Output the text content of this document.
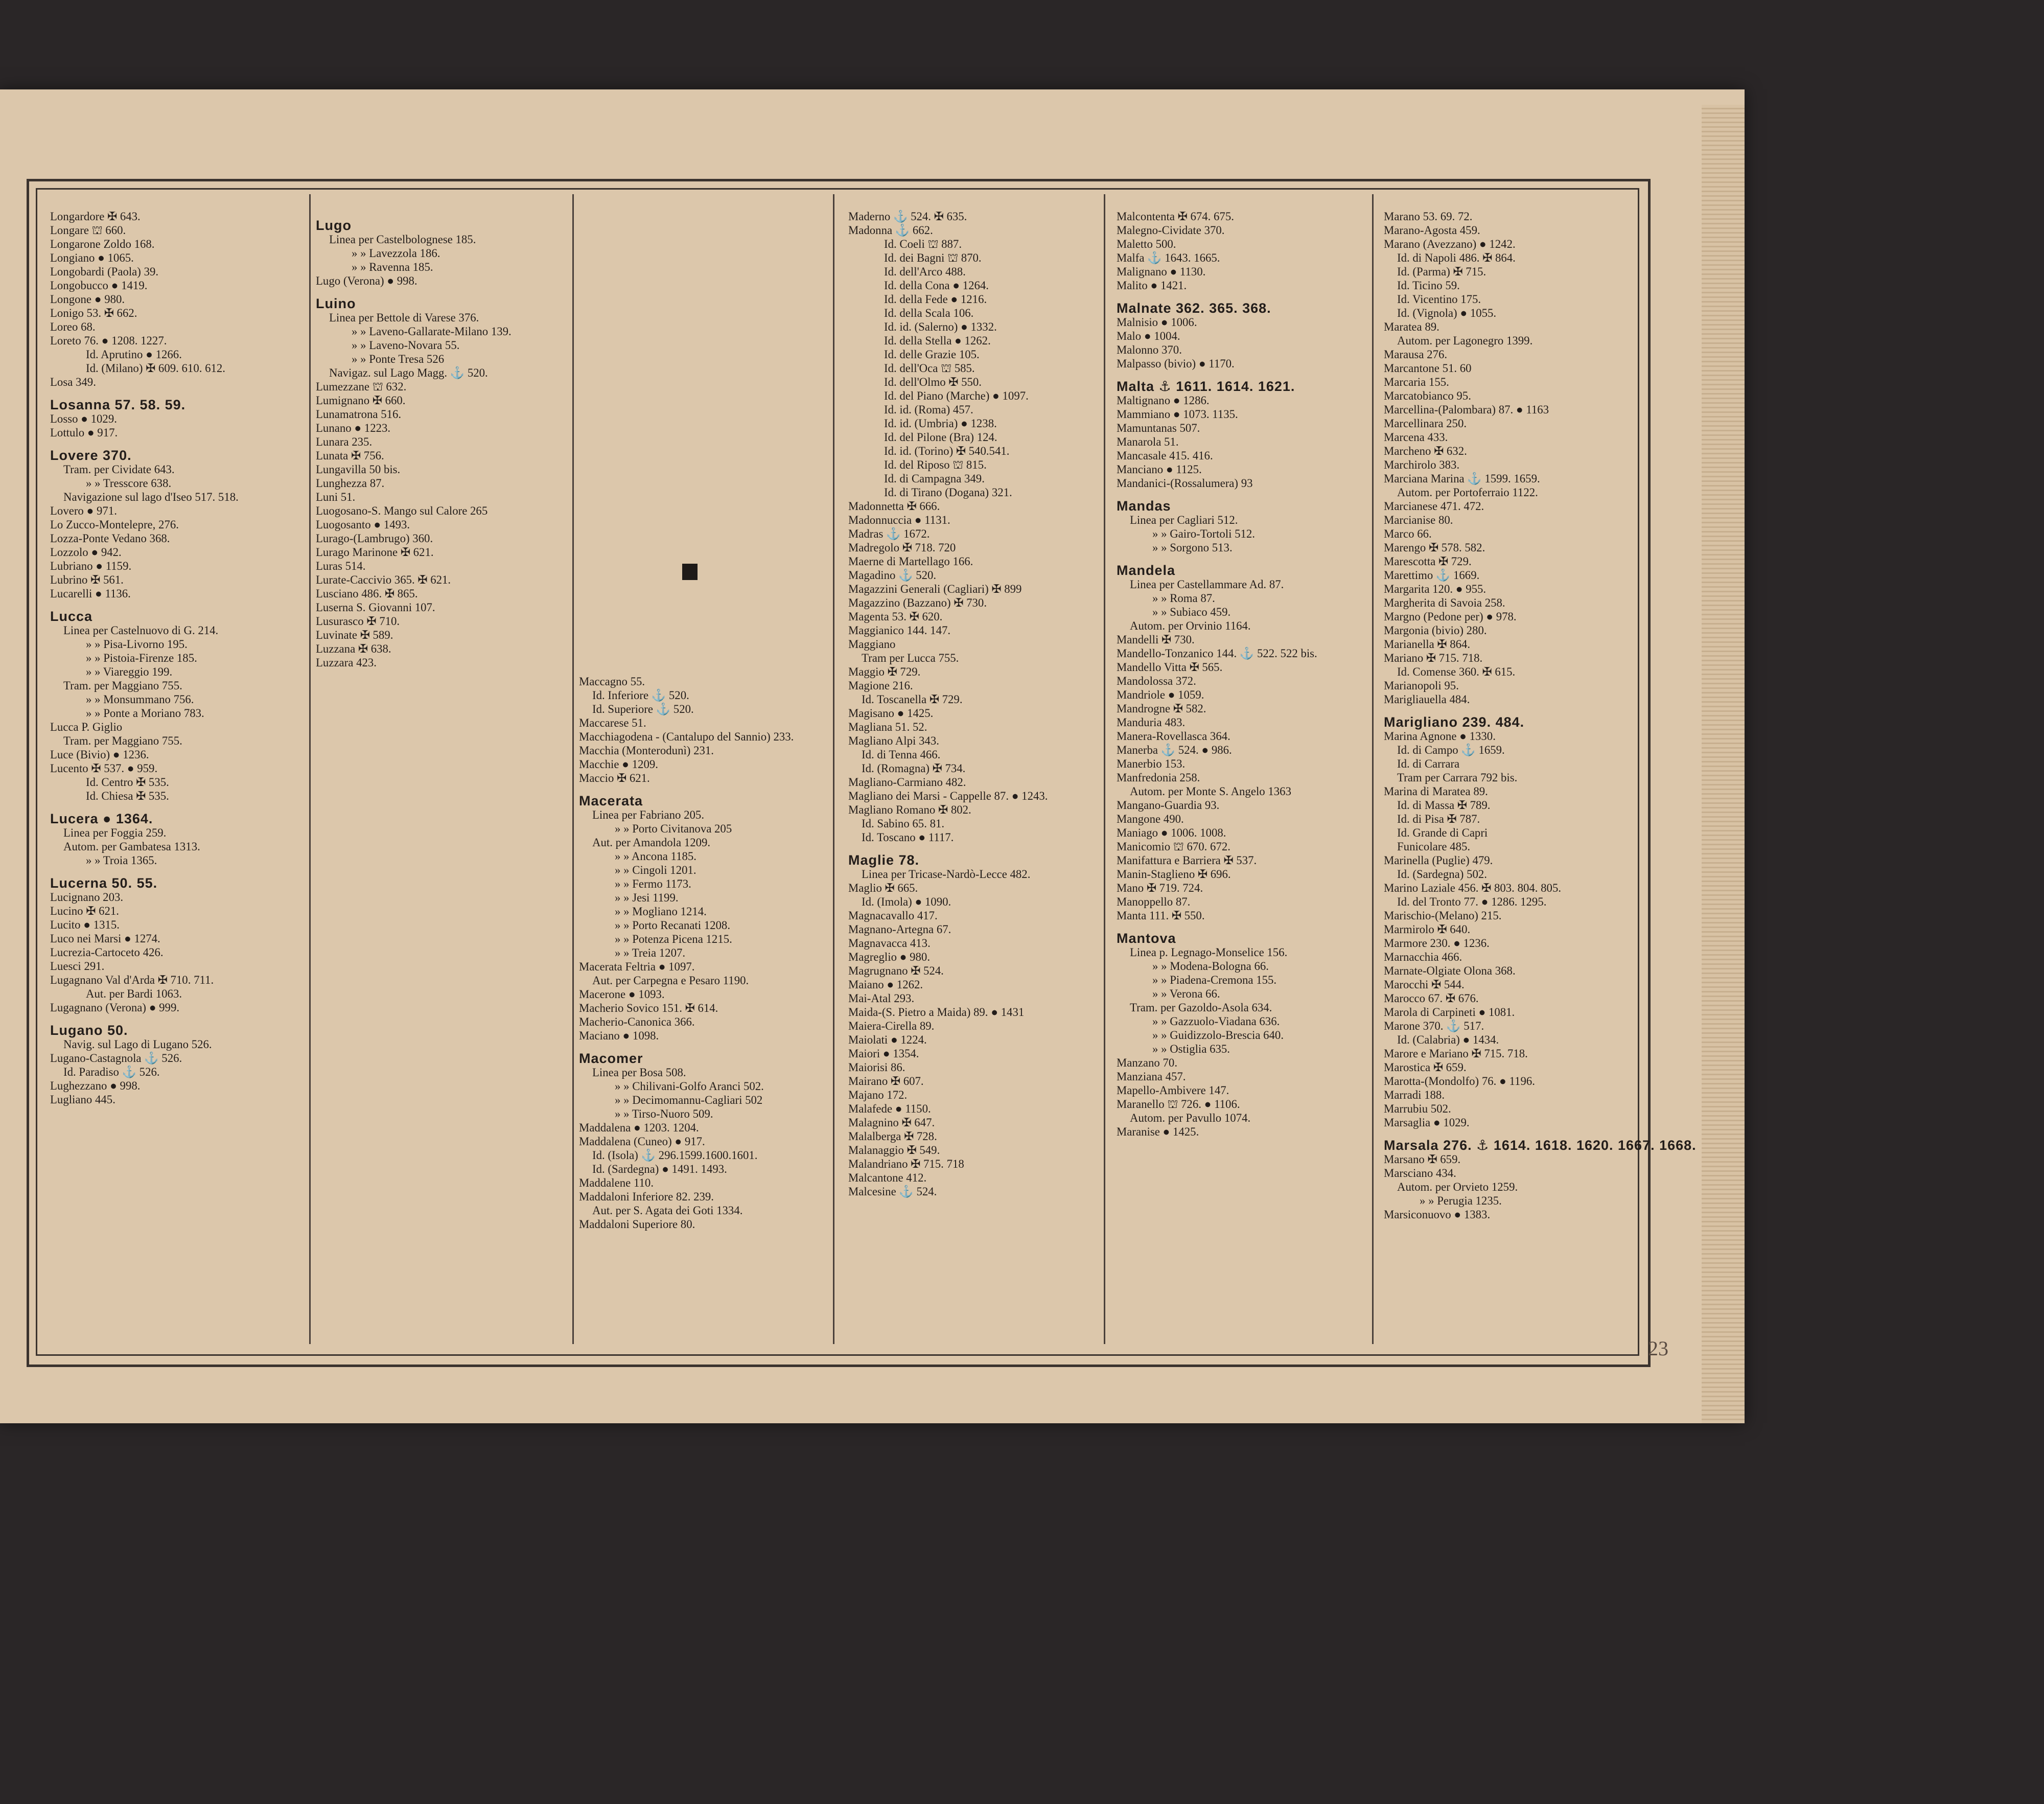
Longardore ✠ 643.
Longare ⛫ 660.
Longarone Zoldo 168.
Longiano ● 1065.
Longobardi (Paola) 39.
Longobucco ● 1419.
Longone ● 980.
Lonigo 53. ✠ 662.
Loreo 68.
Loreto 76. ● 1208. 1227.
Id. Aprutino ● 1266.
Id. (Milano) ✠ 609. 610. 612.
Losa 349.
Losanna 57. 58. 59.
Losso ● 1029.
Lottulo ● 917.
Lovere 370.
Tram. per Cividate 643.
» » Tresscore 638.
Navigazione sul lago d'Iseo 517. 518.
Lovero ● 971.
Lo Zucco-Montelepre, 276.
Lozza-Ponte Vedano 368.
Lozzolo ● 942.
Lubriano ● 1159.
Lubrino ✠ 561.
Lucarelli ● 1136.
Lucca
Linea per Castelnuovo di G. 214.
» » Pisa-Livorno 195.
» » Pistoia-Firenze 185.
» » Viareggio 199.
Tram. per Maggiano 755.
» » Monsummano 756.
» » Ponte a Moriano 783.
Lucca P. Giglio
Tram. per Maggiano 755.
Luce (Bivio) ● 1236.
Lucento ✠ 537. ● 959.
Id. Centro ✠ 535.
Id. Chiesa ✠ 535.
Lucera ● 1364.
Linea per Foggia 259.
Autom. per Gambatesa 1313.
» » Troia 1365.
Lucerna 50. 55.
Lucignano 203.
Lucino ✠ 621.
Lucito ● 1315.
Luco nei Marsi ● 1274.
Lucrezia-Cartoceto 426.
Luesci 291.
Lugagnano Val d'Arda ✠ 710. 711.
Aut. per Bardi 1063.
Lugagnano (Verona) ● 999.
Lugano 50.
Navig. sul Lago di Lugano 526.
Lugano-Castagnola ⚓ 526.
Id. Paradiso ⚓ 526.
Lughezzano ● 998.
Lugliano 445.
Lugo
Linea per Castelbolognese 185.
» » Lavezzola 186.
» » Ravenna 185.
Lugo (Verona) ● 998.
Luino
Linea per Bettole di Varese 376.
» » Laveno-Gallarate-Milano 139.
» » Laveno-Novara 55.
» » Ponte Tresa 526
Navigaz. sul Lago Magg. ⚓ 520.
Lumezzane ⛫ 632.
Lumignano ✠ 660.
Lunamatrona 516.
Lunano ● 1223.
Lunara 235.
Lunata ✠ 756.
Lungavilla 50 bis.
Lunghezza 87.
Luni 51.
Luogosano-S. Mango sul Calore 265
Luogosanto ● 1493.
Lurago-(Lambrugo) 360.
Lurago Marinone ✠ 621.
Luras 514.
Lurate-Caccivio 365. ✠ 621.
Lusciano 486. ✠ 865.
Luserna S. Giovanni 107.
Lusurasco ✠ 710.
Luvinate ✠ 589.
Luzzana ✠ 638.
Luzzara 423.
Maccagno 55.
Id. Inferiore ⚓ 520.
Id. Superiore ⚓ 520.
Maccarese 51.
Macchiagodena - (Cantalupo del Sannio) 233.
Macchia (Monterodunì) 231.
Macchie ● 1209.
Maccio ✠ 621.
Macerata
Linea per Fabriano 205.
» » Porto Civitanova 205
Aut. per Amandola 1209.
» » Ancona 1185.
» » Cingoli 1201.
» » Fermo 1173.
» » Jesi 1199.
» » Mogliano 1214.
» » Porto Recanati 1208.
» » Potenza Picena 1215.
» » Treia 1207.
Macerata Feltria ● 1097.
Aut. per Carpegna e Pesaro 1190.
Macerone ● 1093.
Macherio Sovico 151. ✠ 614.
Macherio-Canonica 366.
Maciano ● 1098.
Macomer
Linea per Bosa 508.
» » Chilivani-Golfo Aranci 502.
» » Decimomannu-Cagliari 502
» » Tirso-Nuoro 509.
Maddalena ● 1203. 1204.
Maddalena (Cuneo) ● 917.
Id. (Isola) ⚓ 296.1599.1600.1601.
Id. (Sardegna) ● 1491. 1493.
Maddalene 110.
Maddaloni Inferiore 82. 239.
Aut. per S. Agata dei Goti 1334.
Maddaloni Superiore 80.
Maderno ⚓ 524. ✠ 635.
Madonna ⚓ 662.
Id. Coeli ⛫ 887.
Id. dei Bagni ⛫ 870.
Id. dell'Arco 488.
Id. della Cona ● 1264.
Id. della Fede ● 1216.
Id. della Scala 106.
Id. id. (Salerno) ● 1332.
Id. della Stella ● 1262.
Id. delle Grazie 105.
Id. dell'Oca ⛫ 585.
Id. dell'Olmo ✠ 550.
Id. del Piano (Marche) ● 1097.
Id. id. (Roma) 457.
Id. id. (Umbria) ● 1238.
Id. del Pilone (Bra) 124.
Id. id. (Torino) ✠ 540.541.
Id. del Riposo ⛫ 815.
Id. di Campagna 349.
Id. di Tirano (Dogana) 321.
Madonnetta ✠ 666.
Madonnuccia ● 1131.
Madras ⚓ 1672.
Madregolo ✠ 718. 720
Maerne di Martellago 166.
Magadino ⚓ 520.
Magazzini Generali (Cagliari) ✠ 899
Magazzino (Bazzano) ✠ 730.
Magenta 53. ✠ 620.
Maggianico 144. 147.
Maggiano
Tram per Lucca 755.
Maggio ✠ 729.
Magione 216.
Id. Toscanella ✠ 729.
Magisano ● 1425.
Magliana 51. 52.
Magliano Alpi 343.
Id. di Tenna 466.
Id. (Romagna) ✠ 734.
Magliano-Carmiano 482.
Magliano dei Marsi - Cappelle 87. ● 1243.
Magliano Romano ✠ 802.
Id. Sabino 65. 81.
Id. Toscano ● 1117.
Maglie 78.
Linea per Tricase-Nardò-Lecce 482.
Maglio ✠ 665.
Id. (Imola) ● 1090.
Magnacavallo 417.
Magnano-Artegna 67.
Magnavacca 413.
Magreglio ● 980.
Magrugnano ✠ 524.
Maiano ● 1262.
Mai-Atal 293.
Maida-(S. Pietro a Maida) 89. ● 1431
Maiera-Cirella 89.
Maiolati ● 1224.
Maiori ● 1354.
Maiorisi 86.
Mairano ✠ 607.
Majano 172.
Malafede ● 1150.
Malagnino ✠ 647.
Malalberga ✠ 728.
Malanaggio ✠ 549.
Malandriano ✠ 715. 718
Malcantone 412.
Malcesine ⚓ 524.
Malcontenta ✠ 674. 675.
Malegno-Cividate 370.
Maletto 500.
Malfa ⚓ 1643. 1665.
Malignano ● 1130.
Malito ● 1421.
Malnate 362. 365. 368.
Malnisio ● 1006.
Malo ● 1004.
Malonno 370.
Malpasso (bivio) ● 1170.
Malta ⚓ 1611. 1614. 1621.
Maltignano ● 1286.
Mammiano ● 1073. 1135.
Mamuntanas 507.
Manarola 51.
Mancasale 415. 416.
Manciano ● 1125.
Mandanici-(Rossalumera) 93
Mandas
Linea per Cagliari 512.
» » Gairo-Tortoli 512.
» » Sorgono 513.
Mandela
Linea per Castellammare Ad. 87.
» » Roma 87.
» » Subiaco 459.
Autom. per Orvinio 1164.
Mandelli ✠ 730.
Mandello-Tonzanico 144. ⚓ 522. 522 bis.
Mandello Vitta ✠ 565.
Mandolossa 372.
Mandriole ● 1059.
Mandrogne ✠ 582.
Manduria 483.
Manera-Rovellasca 364.
Manerba ⚓ 524. ● 986.
Manerbio 153.
Manfredonia 258.
Autom. per Monte S. Angelo 1363
Mangano-Guardia 93.
Mangone 490.
Maniago ● 1006. 1008.
Manicomio ⛫ 670. 672.
Manifattura e Barriera ✠ 537.
Manin-Staglieno ✠ 696.
Mano ✠ 719. 724.
Manoppello 87.
Manta 111. ✠ 550.
Mantova
Linea p. Legnago-Monselice 156.
» » Modena-Bologna 66.
» » Piadena-Cremona 155.
» » Verona 66.
Tram. per Gazoldo-Asola 634.
» » Gazzuolo-Viadana 636.
» » Guidizzolo-Brescia 640.
» » Ostiglia 635.
Manzano 70.
Manziana 457.
Mapello-Ambivere 147.
Maranello ⛫ 726. ● 1106.
Autom. per Pavullo 1074.
Maranise ● 1425.
Marano 53. 69. 72.
Marano-Agosta 459.
Marano (Avezzano) ● 1242.
Id. di Napoli 486. ✠ 864.
Id. (Parma) ✠ 715.
Id. Ticino 59.
Id. Vicentino 175.
Id. (Vignola) ● 1055.
Maratea 89.
Autom. per Lagonegro 1399.
Marausa 276.
Marcantone 51. 60
Marcaria 155.
Marcatobianco 95.
Marcellina-(Palombara) 87. ● 1163
Marcellinara 250.
Marcena 433.
Marcheno ✠ 632.
Marchirolo 383.
Marciana Marina ⚓ 1599. 1659.
Autom. per Portoferraio 1122.
Marcianese 471. 472.
Marcianise 80.
Marco 66.
Marengo ✠ 578. 582.
Marescotta ✠ 729.
Marettimo ⚓ 1669.
Margarita 120. ● 955.
Margherita di Savoia 258.
Margno (Pedone per) ● 978.
Margonia (bivio) 280.
Marianella ✠ 864.
Mariano ✠ 715. 718.
Id. Comense 360. ✠ 615.
Marianopoli 95.
Marigliauella 484.
Marigliano 239. 484.
Marina Agnone ● 1330.
Id. di Campo ⚓ 1659.
Id. di Carrara
Tram per Carrara 792 bis.
Marina di Maratea 89.
Id. di Massa ✠ 789.
Id. di Pisa ✠ 787.
Id. Grande di Capri
Funicolare 485.
Marinella (Puglie) 479.
Id. (Sardegna) 502.
Marino Laziale 456. ✠ 803. 804. 805.
Id. del Tronto 77. ● 1286. 1295.
Marischio-(Melano) 215.
Marmirolo ✠ 640.
Marmore 230. ● 1236.
Marnacchia 466.
Marnate-Olgiate Olona 368.
Marocchi ✠ 544.
Marocco 67. ✠ 676.
Marola di Carpineti ● 1081.
Marone 370. ⚓ 517.
Id. (Calabria) ● 1434.
Marore e Mariano ✠ 715. 718.
Marostica ✠ 659.
Marotta-(Mondolfo) 76. ● 1196.
Marradi 188.
Marrubiu 502.
Marsaglia ● 1029.
Marsala 276. ⚓ 1614. 1618. 1620. 1667. 1668.
Marsano ✠ 659.
Marsciano 434.
Autom. per Orvieto 1259.
» » Perugia 1235.
Marsiconuovo ● 1383.
23
